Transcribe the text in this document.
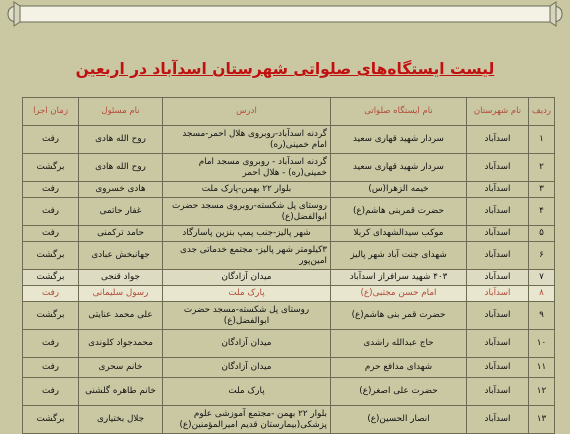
لیست ایستگاه‌های صلواتی شهرستان اسدآباد در اربعین
ردیف	نام شهرستان	نام ایستگاه صلواتی	ادرس	نام مسئول	زمان اجرا
۱	اسدآباد	سردار شهید قهاری سعید	گردنه اسدآباد-روبروی هلال احمر-مسجد امام خمینی(ره)	روح الله هادی	رفت
۲	اسدآباد	سردار شهید قهاری سعید	گردنه اسدآباد - روبروی مسجد امام خمینی(ره) - هلال احمر	روح الله هادی	برگشت
۳	اسدآباد	خیمه الزهرا(س)	بلوار ۲۲ بهمن-پارک ملت	هادی خسروی	رفت
۴	اسدآباد	حضرت قمربنی هاشم(ع)	روستای پل شکسته-روبروی مسجد حضرت ابوالفضل(ع)	غفار حاتمی	رفت
۵	اسدآباد	موکب سیدالشهدای کربلا	شهر پالیز-جنب پمپ بنزین پاسارگاد	حامد ترکمنی	رفت
۶	اسدآباد	شهدای جنت آباد شهر پالیز	۳کیلومتر شهر پالیز- مجتمع خدماتی جدی امین‌پور	جهانبخش عبادی	برگشت
۷	اسدآباد	۴۰۳ شهید سرافراز اسدآباد	میدان آزادگان	جواد قنجی	برگشت
۸	اسدآباد	امام حسن مجتبی(ع)	پارک ملت	رسول سلیمانی	رفت
۹	اسدآباد	حضرت قمر بنی هاشم(ع)	روستای پل شکسته-مسجد حضرت ابوالفضل(ع)	علی محمد عنایتی	برگشت
۱۰	اسدآباد	حاج عبدالله راشدی	میدان آزادگان	محمدجواد کلوندی	رفت
۱۱	اسدآباد	شهدای مدافع حرم	میدان آزادگان	خانم سحری	رفت
۱۲	اسدآباد	حضرت علی اصغر(ع)	پارک ملت	خانم طاهره گلشنی	رفت
۱۳	اسدآباد	انصار الحسین(ع)	بلوار ۲۲ بهمن -مجتمع آموزشی علوم پزشکی(بیمارستان قدیم امیرالمؤمنین(ع)	جلال بختیاری	برگشت
